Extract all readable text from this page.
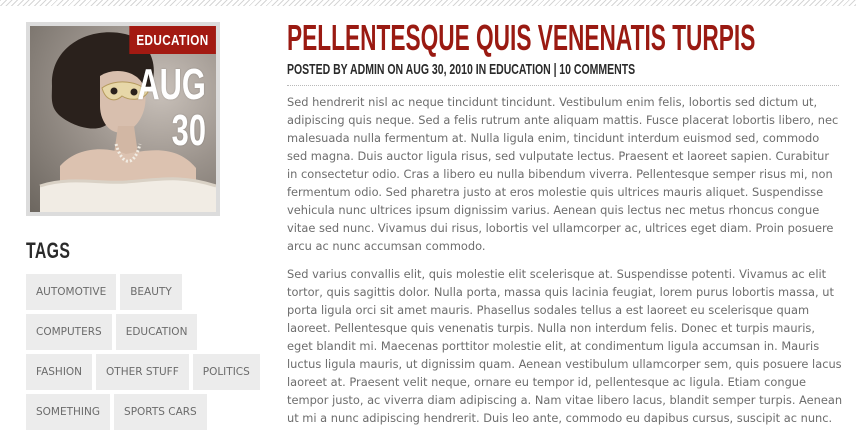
EDUCATION
AUG
30
TAGS
AUTOMOTIVE BEAUTY
COMPUTERS EDUCATION
FASHION OTHER STUFF POLITICS
SOMETHING SPORTS CARS
PELLENTESQUE QUIS VENENATIS TURPIS
POSTED BY ADMIN ON AUG 30, 2010 IN EDUCATION | 10 COMMENTS

Sed hendrerit nisl ac neque tincidunt tincidunt. Vestibulum enim felis, lobortis sed dictum ut, adipiscing quis neque. Sed a felis rutrum ante aliquam mattis. Fusce placerat lobortis libero, nec malesuada nulla fermentum at. Nulla ligula enim, tincidunt interdum euismod sed, commodo sed magna. Duis auctor ligula risus, sed vulputate lectus. Praesent et laoreet sapien. Curabitur in consectetur odio. Cras a libero eu nulla bibendum viverra. Pellentesque semper risus mi, non fermentum odio. Sed pharetra justo at eros molestie quis ultrices mauris aliquet. Suspendisse vehicula nunc ultrices ipsum dignissim varius. Aenean quis lectus nec metus rhoncus congue vitae sed nunc. Vivamus dui risus, lobortis vel ullamcorper ac, ultrices eget diam. Proin posuere arcu ac nunc accumsan commodo.

Sed varius convallis elit, quis molestie elit scelerisque at. Suspendisse potenti. Vivamus ac elit tortor, quis sagittis dolor. Nulla porta, massa quis lacinia feugiat, lorem purus lobortis massa, ut porta ligula orci sit amet mauris. Phasellus sodales tellus a est laoreet eu scelerisque quam laoreet. Pellentesque quis venenatis turpis. Nulla non interdum felis. Donec et turpis mauris, eget blandit mi. Maecenas porttitor molestie elit, at condimentum ligula accumsan in. Mauris luctus ligula mauris, ut dignissim quam. Aenean vestibulum ullamcorper sem, quis posuere lacus laoreet at. Praesent velit neque, ornare eu tempor id, pellentesque ac ligula. Etiam congue tempor justo, ac viverra diam adipiscing a. Nam vitae libero lacus, blandit semper turpis. Aenean ut mi a nunc adipiscing hendrerit. Duis leo ante, commodo eu dapibus cursus, suscipit ac nunc.
